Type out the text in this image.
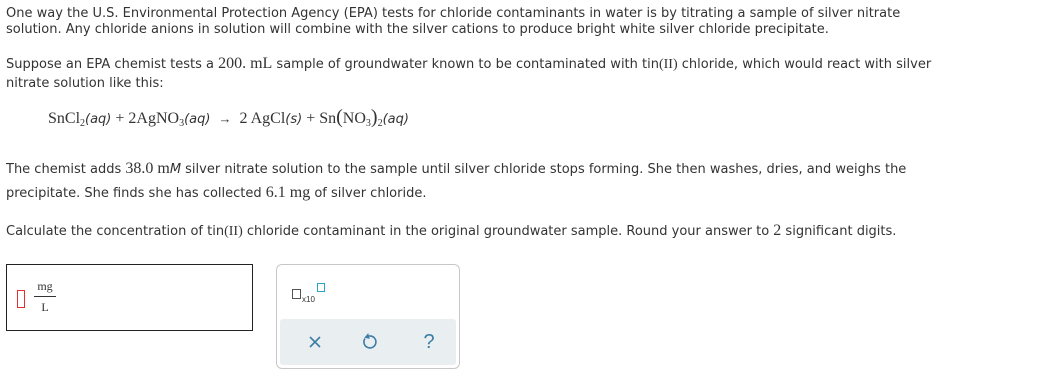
One way the U.S. Environmental Protection Agency (EPA) tests for chloride contaminants in water is by titrating a sample of silver nitrate

solution. Any chloride anions in solution will combine with the silver cations to produce bright white silver chloride precipitate.

Suppose an EPA chemist tests a 200. mL sample of groundwater known to be contaminated with tin(II) chloride, which would react with silver

nitrate solution like this:

SnCl$_2$(aq) + 2AgNO$_3$(aq) → 2 AgCl(s) + $Sn(NO_3)_2(aq)$

The chemist adds 38.0 mM silver nitrate solution to the sample until silver chloride stops forming. She then washes, dries, and weighs the

precipitate. She finds she has collected 6.1 mg of silver chloride.

Calculate the concentration of tin(II) chloride contaminant in the original groundwater sample. Round your answer to 2 significant digits.

mg
L
x10
?
